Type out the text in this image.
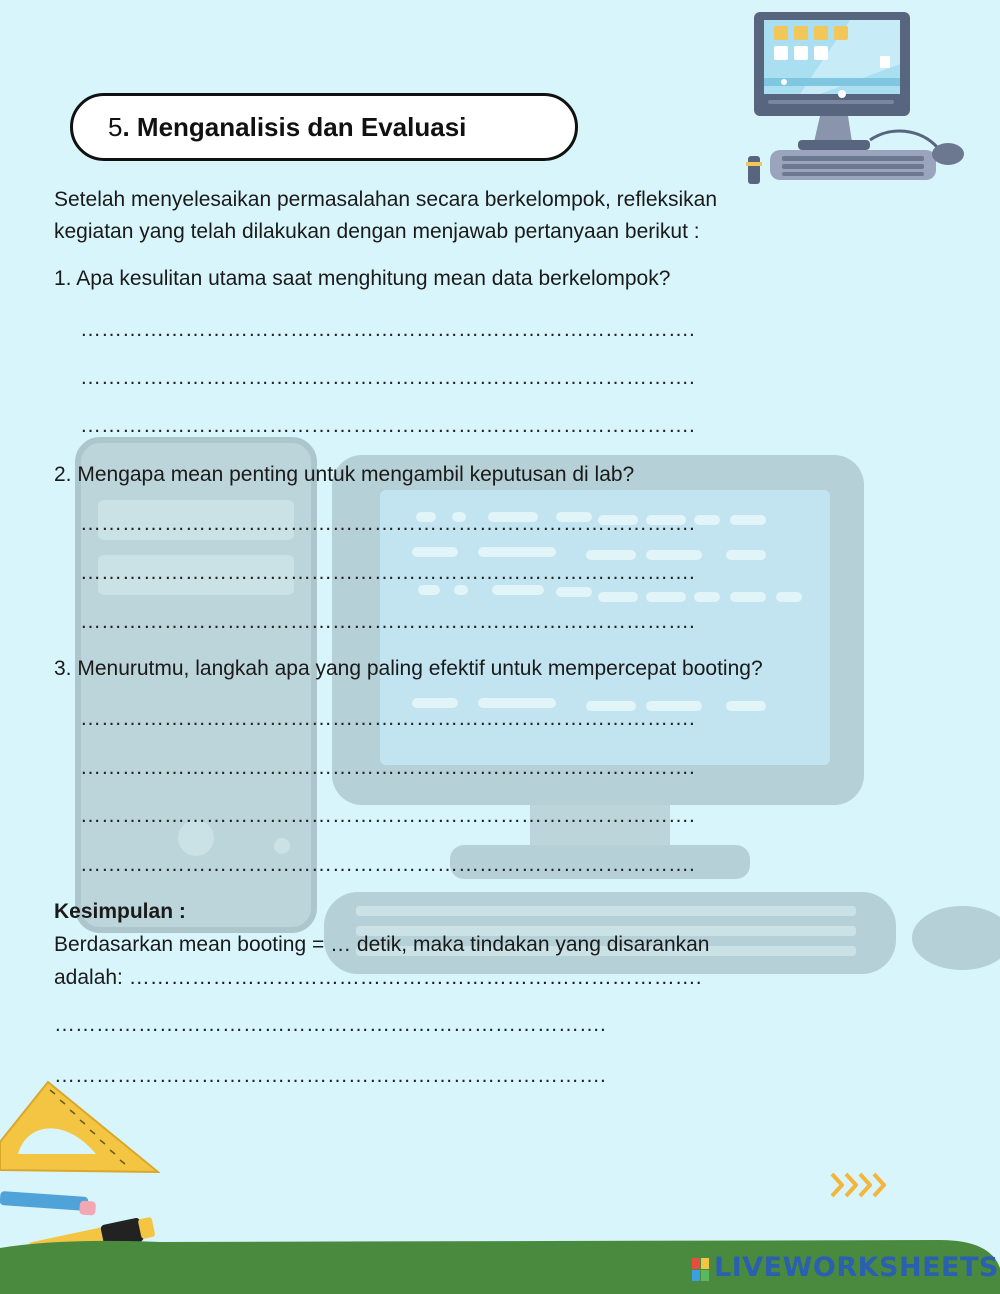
5 . Menganalisis dan Evaluasi
Setelah menyelesaikan permasalahan secara berkelompok, refleksikan
kegiatan yang telah dilakukan dengan menjawab pertanyaan berikut :
1. Apa kesulitan utama saat menghitung mean data berkelompok?
…………………………………………………………………………….
…………………………………………………………………………….
…………………………………………………………………………….
2. Mengapa mean penting untuk mengambil keputusan di lab?
…………………………………………………………………………….
…………………………………………………………………………….
…………………………………………………………………………….
3. Menurutmu, langkah apa yang paling efektif untuk mempercepat booting?
…………………………………………………………………………….
…………………………………………………………………………….
…………………………………………………………………………….
…………………………………………………………………………….
Kesimpulan :
Berdasarkan mean booting = … detik, maka tindakan yang disarankan
adalah: ……………………………………………………………………….
…………………………………………………………………….
…………………………………………………………………….
LIVEWORKSHEETS
